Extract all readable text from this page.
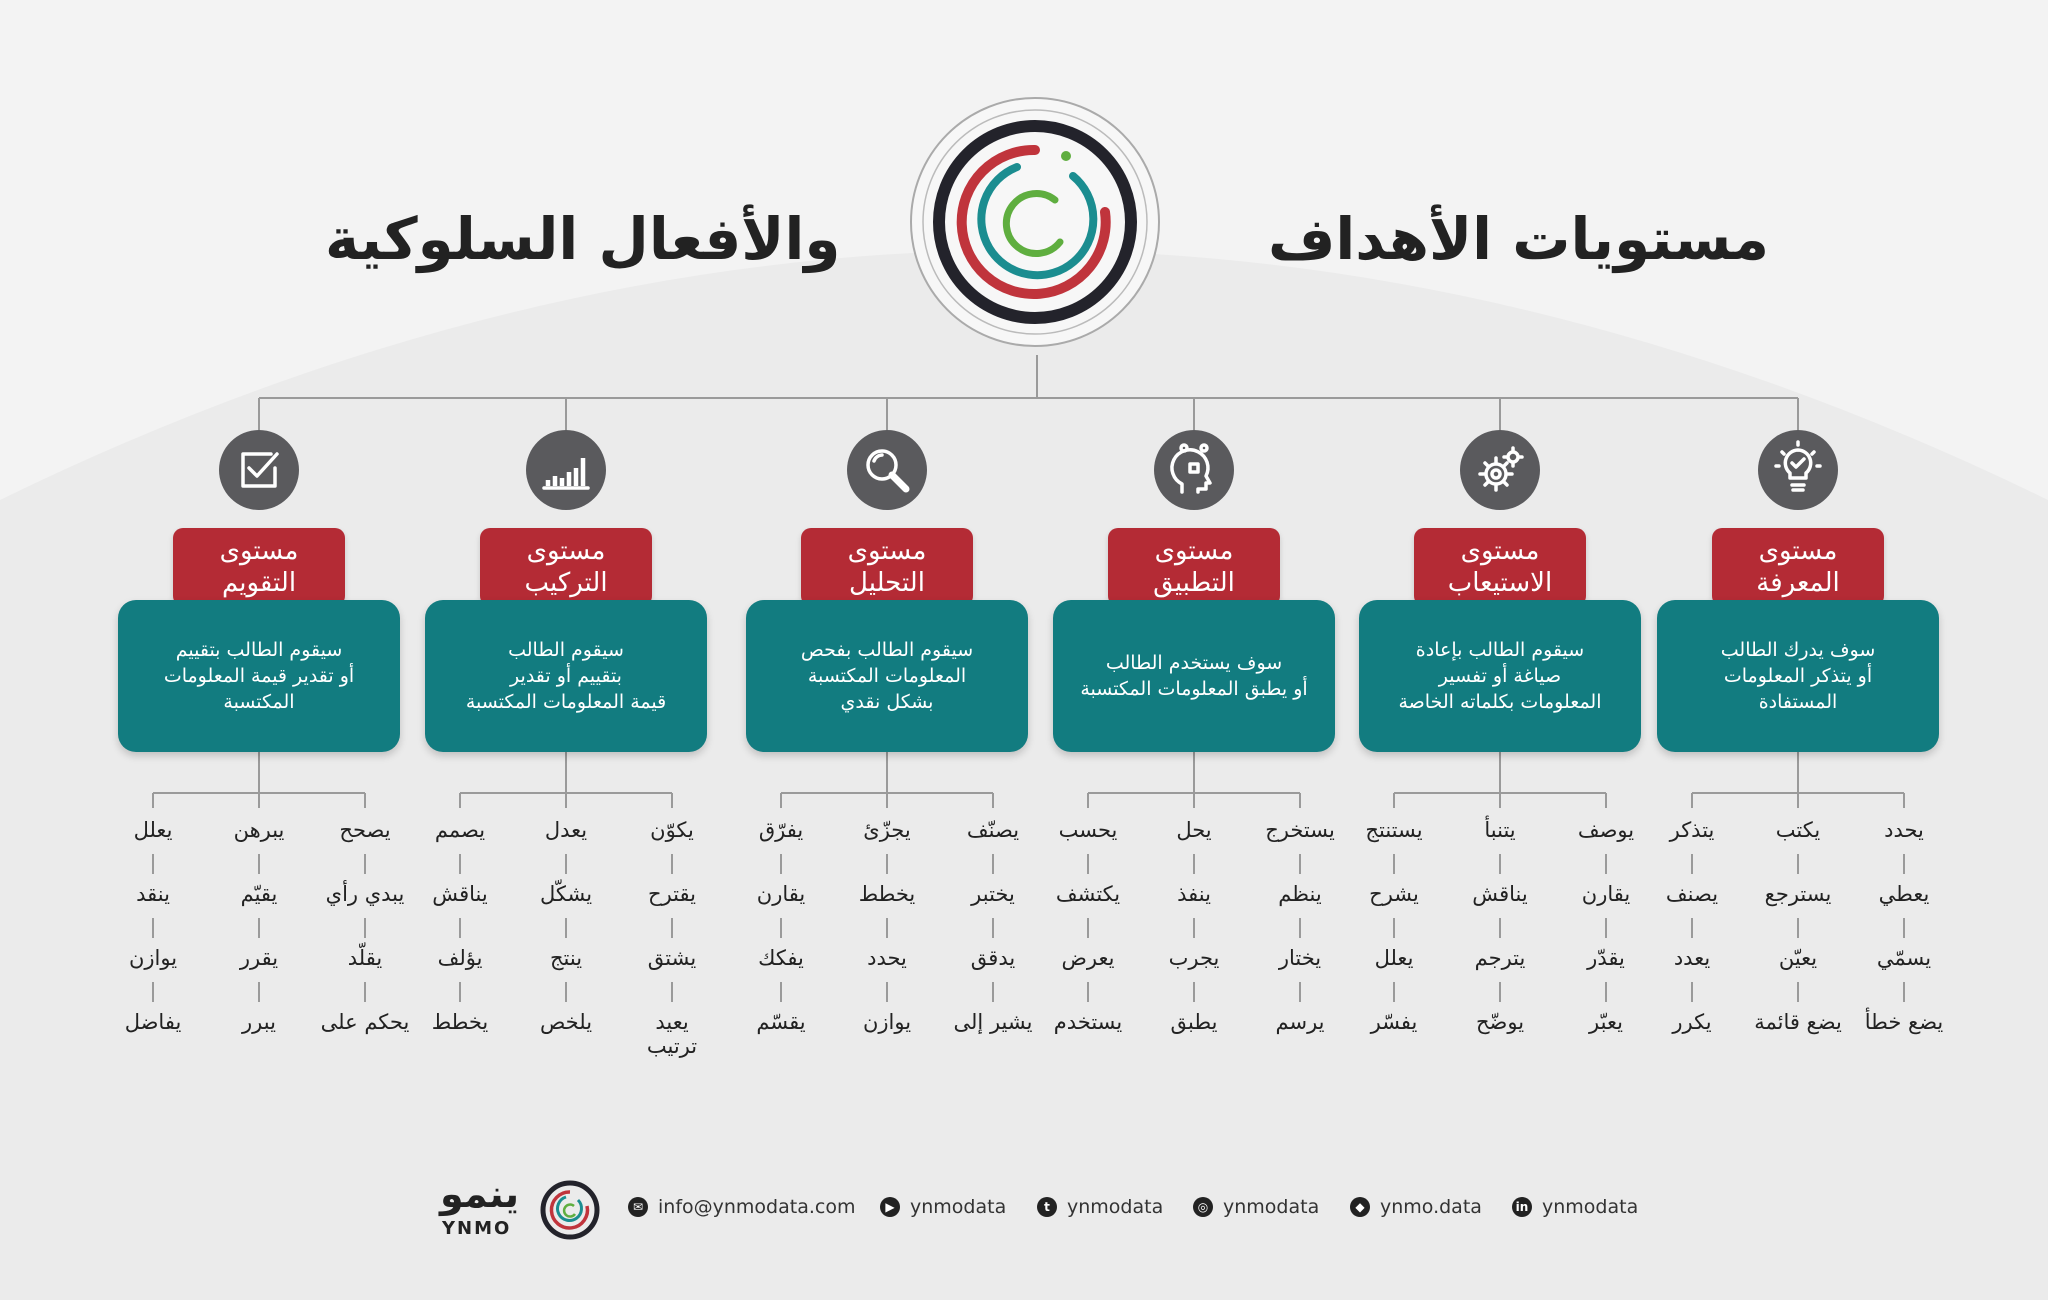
مستويات الأهداف
والأفعال السلوكية
مستوى
المعرفة
سوف يدرك الطالب
أو يتذكر المعلومات
المستفادة
يتذكر
يصنف
يعدد
يكرر
يكتب
يسترجع
يعيّن
يضع قائمة
يحدد
يعطي
يسمّي
يضع خطأ
مستوى
الاستيعاب
سيقوم الطالب بإعادة
صياغة أو تفسير
المعلومات بكلماته الخاصة
يستنتج
يشرح
يعلل
يفسّر
يتنبأ
يناقش
يترجم
يوضّح
يوصف
يقارن
يقدّر
يعبّر
مستوى
التطبيق
سوف يستخدم الطالب
أو يطبق المعلومات المكتسبة
يحسب
يكتشف
يعرض
يستخدم
يحل
ينفذ
يجرب
يطبق
يستخرج
ينظم
يختار
يرسم
مستوى
التحليل
سيقوم الطالب بفحص
المعلومات المكتسبة
بشكل نقدي
يفرّق
يقارن
يفكك
يقسّم
يجزّئ
يخطط
يحدد
يوازن
يصنّف
يختبر
يدقق
يشير إلى
مستوى
التركيب
سيقوم الطالب
بتقييم أو تقدير
قيمة المعلومات المكتسبة
يصمم
يناقش
يؤلف
يخطط
يعدل
يشكّل
ينتج
يلخص
يكوّن
يقترح
يشتق
يعيد ترتيب
مستوى
التقويم
سيقوم الطالب بتقييم
أو تقدير قيمة المعلومات
المكتسبة
يعلل
ينقد
يوازن
يفاضل
يبرهن
يقيّم
يقرر
يبرر
يصحح
يبدي رأي
يقلّد
يحكم على
ينمو
YNMO
✉ info@ynmodata.com	▶ ynmodata	t ynmodata	◎ ynmodata	◆ ynmo.data	in ynmodata
